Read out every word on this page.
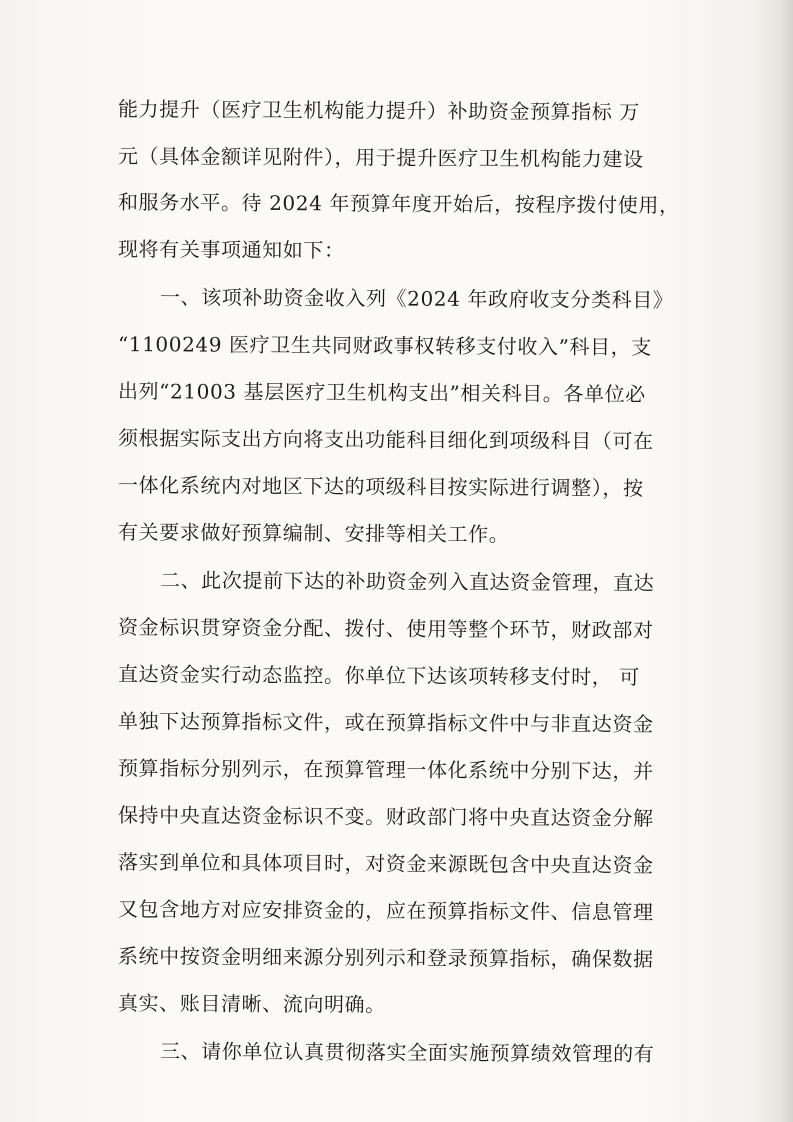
能力提升（医疗卫生机构能力提升）补助资金预算指标 万
元（具体金额详见附件），用于提升医疗卫生机构能力建设
和服务水平。待 2024 年预算年度开始后，按程序拨付使用，
现将有关事项通知如下：
一、该项补助资金收入列《2024 年政府收支分类科目》
“1100249 医疗卫生共同财政事权转移支付收入”科目，支
出列“21003 基层医疗卫生机构支出”相关科目。各单位必
须根据实际支出方向将支出功能科目细化到项级科目（可在
一体化系统内对地区下达的项级科目按实际进行调整），按
有关要求做好预算编制、安排等相关工作。
二、此次提前下达的补助资金列入直达资金管理，直达
资金标识贯穿资金分配、拨付、使用等整个环节，财政部对
直达资金实行动态监控。你单位下达该项转移支付时， 可
单独下达预算指标文件，或在预算指标文件中与非直达资金
预算指标分别列示，在预算管理一体化系统中分别下达，并
保持中央直达资金标识不变。财政部门将中央直达资金分解
落实到单位和具体项目时，对资金来源既包含中央直达资金
又包含地方对应安排资金的，应在预算指标文件、信息管理
系统中按资金明细来源分别列示和登录预算指标，确保数据
真实、账目清晰、流向明确。
三、请你单位认真贯彻落实全面实施预算绩效管理的有
